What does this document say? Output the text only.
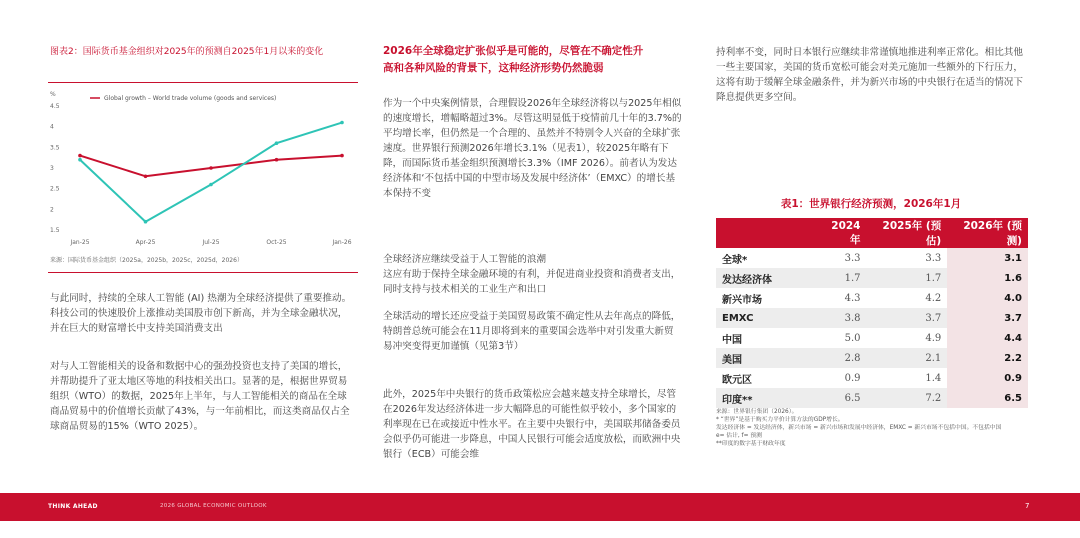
图表2：国际货币基金组织对2025年的预测自2025年1月以来的变化
%
1.5
2
2.5
3
3.5
4
4.5
Global growth – World trade volume (goods and services)
Jan-25	Apr-25	Jul-25	Oct-25	Jan-26
来源：国际货币基金组织（2025a，2025b，2025c，2025d，2026）
与此同时，持续的全球人工智能 (AI) 热潮为全球经济提供了重要推动。科技公司的快速股价上涨推动美国股市创下新高，并为全球金融状况，并在巨大的财富增长中支持美国消费支出
对与人工智能相关的设备和数据中心的强劲投资也支持了美国的增长，并帮助提升了亚太地区等地的科技相关出口。显著的是，根据世界贸易组织（WTO）的数据，2025年上半年，与人工智能相关的商品在全球商品贸易中的价值增长贡献了43%，与一年前相比，而这类商品仅占全球商品贸易的15%（WTO 2025）。
2026年全球稳定扩张似乎是可能的，尽管在不确定性升
高和各种风险的背景下，这种经济形势仍然脆弱
作为一个中央案例情景，合理假设2026年全球经济将以与2025年相似的速度增长，增幅略超过3%。尽管这明显低于疫情前几十年的3.7%的平均增长率，但仍然是一个合理的、虽然并不特别令人兴奋的全球扩张速度。世界银行预测2026年增长3.1%（见表1），较2025年略有下降，而国际货币基金组织预测增长3.3%（IMF 2026）。前者认为发达经济体和‘不包括中国的中型市场及发展中经济体’（EMXC）的增长基本保持不变
全球经济应继续受益于人工智能的浪潮
这应有助于保持全球金融环境的有利，并促进商业投资和消费者支出，同时支持与技术相关的工业生产和出口
全球活动的增长还应受益于美国贸易政策不确定性从去年高点的降低，特朗普总统可能会在11月即将到来的重要国会选举中对引发重大新贸易冲突变得更加谨慎（见第3节）
此外，2025年中央银行的货币政策松应会越来越支持全球增长，尽管在2026年发达经济体进一步大幅降息的可能性似乎较小，多个国家的利率现在已在或接近中性水平。在主要中央银行中，美国联邦储备委员会似乎仍可能进一步降息，中国人民银行可能会适度放松，而欧洲中央银行（ECB）可能会维
持利率不变，同时日本银行应继续非常谨慎地推进利率正常化。相比其他一些主要国家，美国的货币宽松可能会对美元施加一些额外的下行压力，这将有助于缓解全球金融条件，并为新兴市场的中央银行在适当的情况下降息提供更多空间。
表1：世界银行经济预测，2026年1月
	2024年	2025年 (预估)	2026年 (预测)
全球*	3.3	3.3	3.1
发达经济体	1.7	1.7	1.6
新兴市场	4.3	4.2	4.0
EMXC	3.8	3.7	3.7
中国	5.0	4.9	4.4
美国	2.8	2.1	2.2
欧元区	0.9	1.4	0.9
印度**	6.5	7.2	6.5
来源：世界银行集团（2026）。
* “世界”是基于购买力平价计算方法的GDP增长。
发达经济体 = 发达经济体，新兴市场 = 新兴市场和发展中经济体，EMXC = 新兴市场不包括中国。不包括中国
e= 估计, f= 预测
**印度的数字基于财政年度
THINK AHEAD	2026 GLOBAL ECONOMIC OUTLOOK	7
